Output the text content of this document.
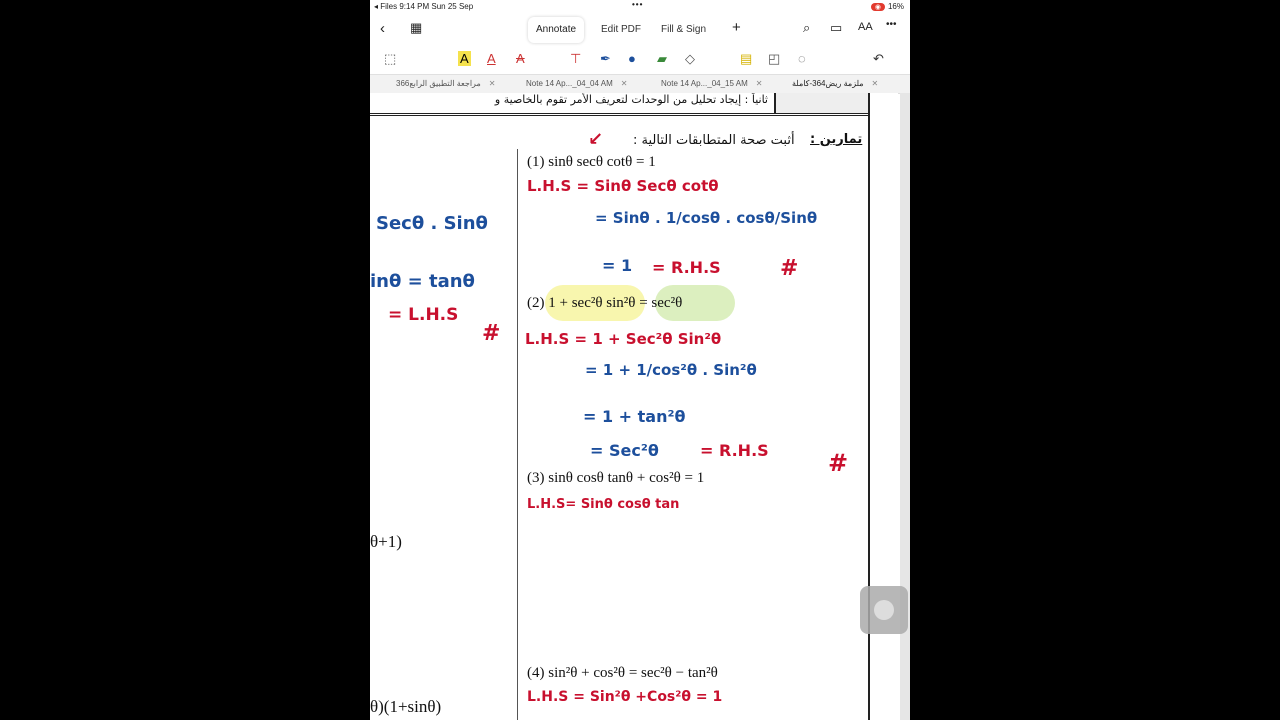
◂ Files 9:14 PM Sun 25 Sep	•••	◉ 16%
‹ ▦	Annotate	Edit PDF	Fill & Sign	+	⌕ ▭ AA •••
⬚	A A A	⊤ ✒ ● ▰ ◇	▤ ◰ ◌	↶
مراجعة التطبيق الرابع366 ✕	Note 14 Ap..._04_04 AM ✕	Note 14 Ap..._04_15 AM ✕	ملزمة ريض364-كاملة ✕
ثانياً : إيجاد تحليل من الوحدات لتعريف الأمر تقوم بالخاصية و
أثبت صحة المتطابقات التالية : تمارين :
↙
(1) sinθ secθ cotθ = 1
L.H.S = Sinθ Secθ cotθ
= Sinθ . 1/cosθ . cosθ/Sinθ
= 1 = R.H.S	#
(2) 1 + sec²θ sin²θ = sec²θ
L.H.S = 1 + Sec²θ Sin²θ
= 1 + 1/cos²θ . Sin²θ
= 1 + tan²θ
= Sec²θ	= R.H.S #
(3) sinθ cosθ tanθ + cos²θ = 1
L.H.S= Sinθ cosθ tan
(4) sin²θ + cos²θ = sec²θ − tan²θ
L.H.S = Sin²θ +Cos²θ = 1
Secθ . Sinθ
inθ = tanθ
= L.H.S
#
θ+1)
θ)(1+sinθ)
